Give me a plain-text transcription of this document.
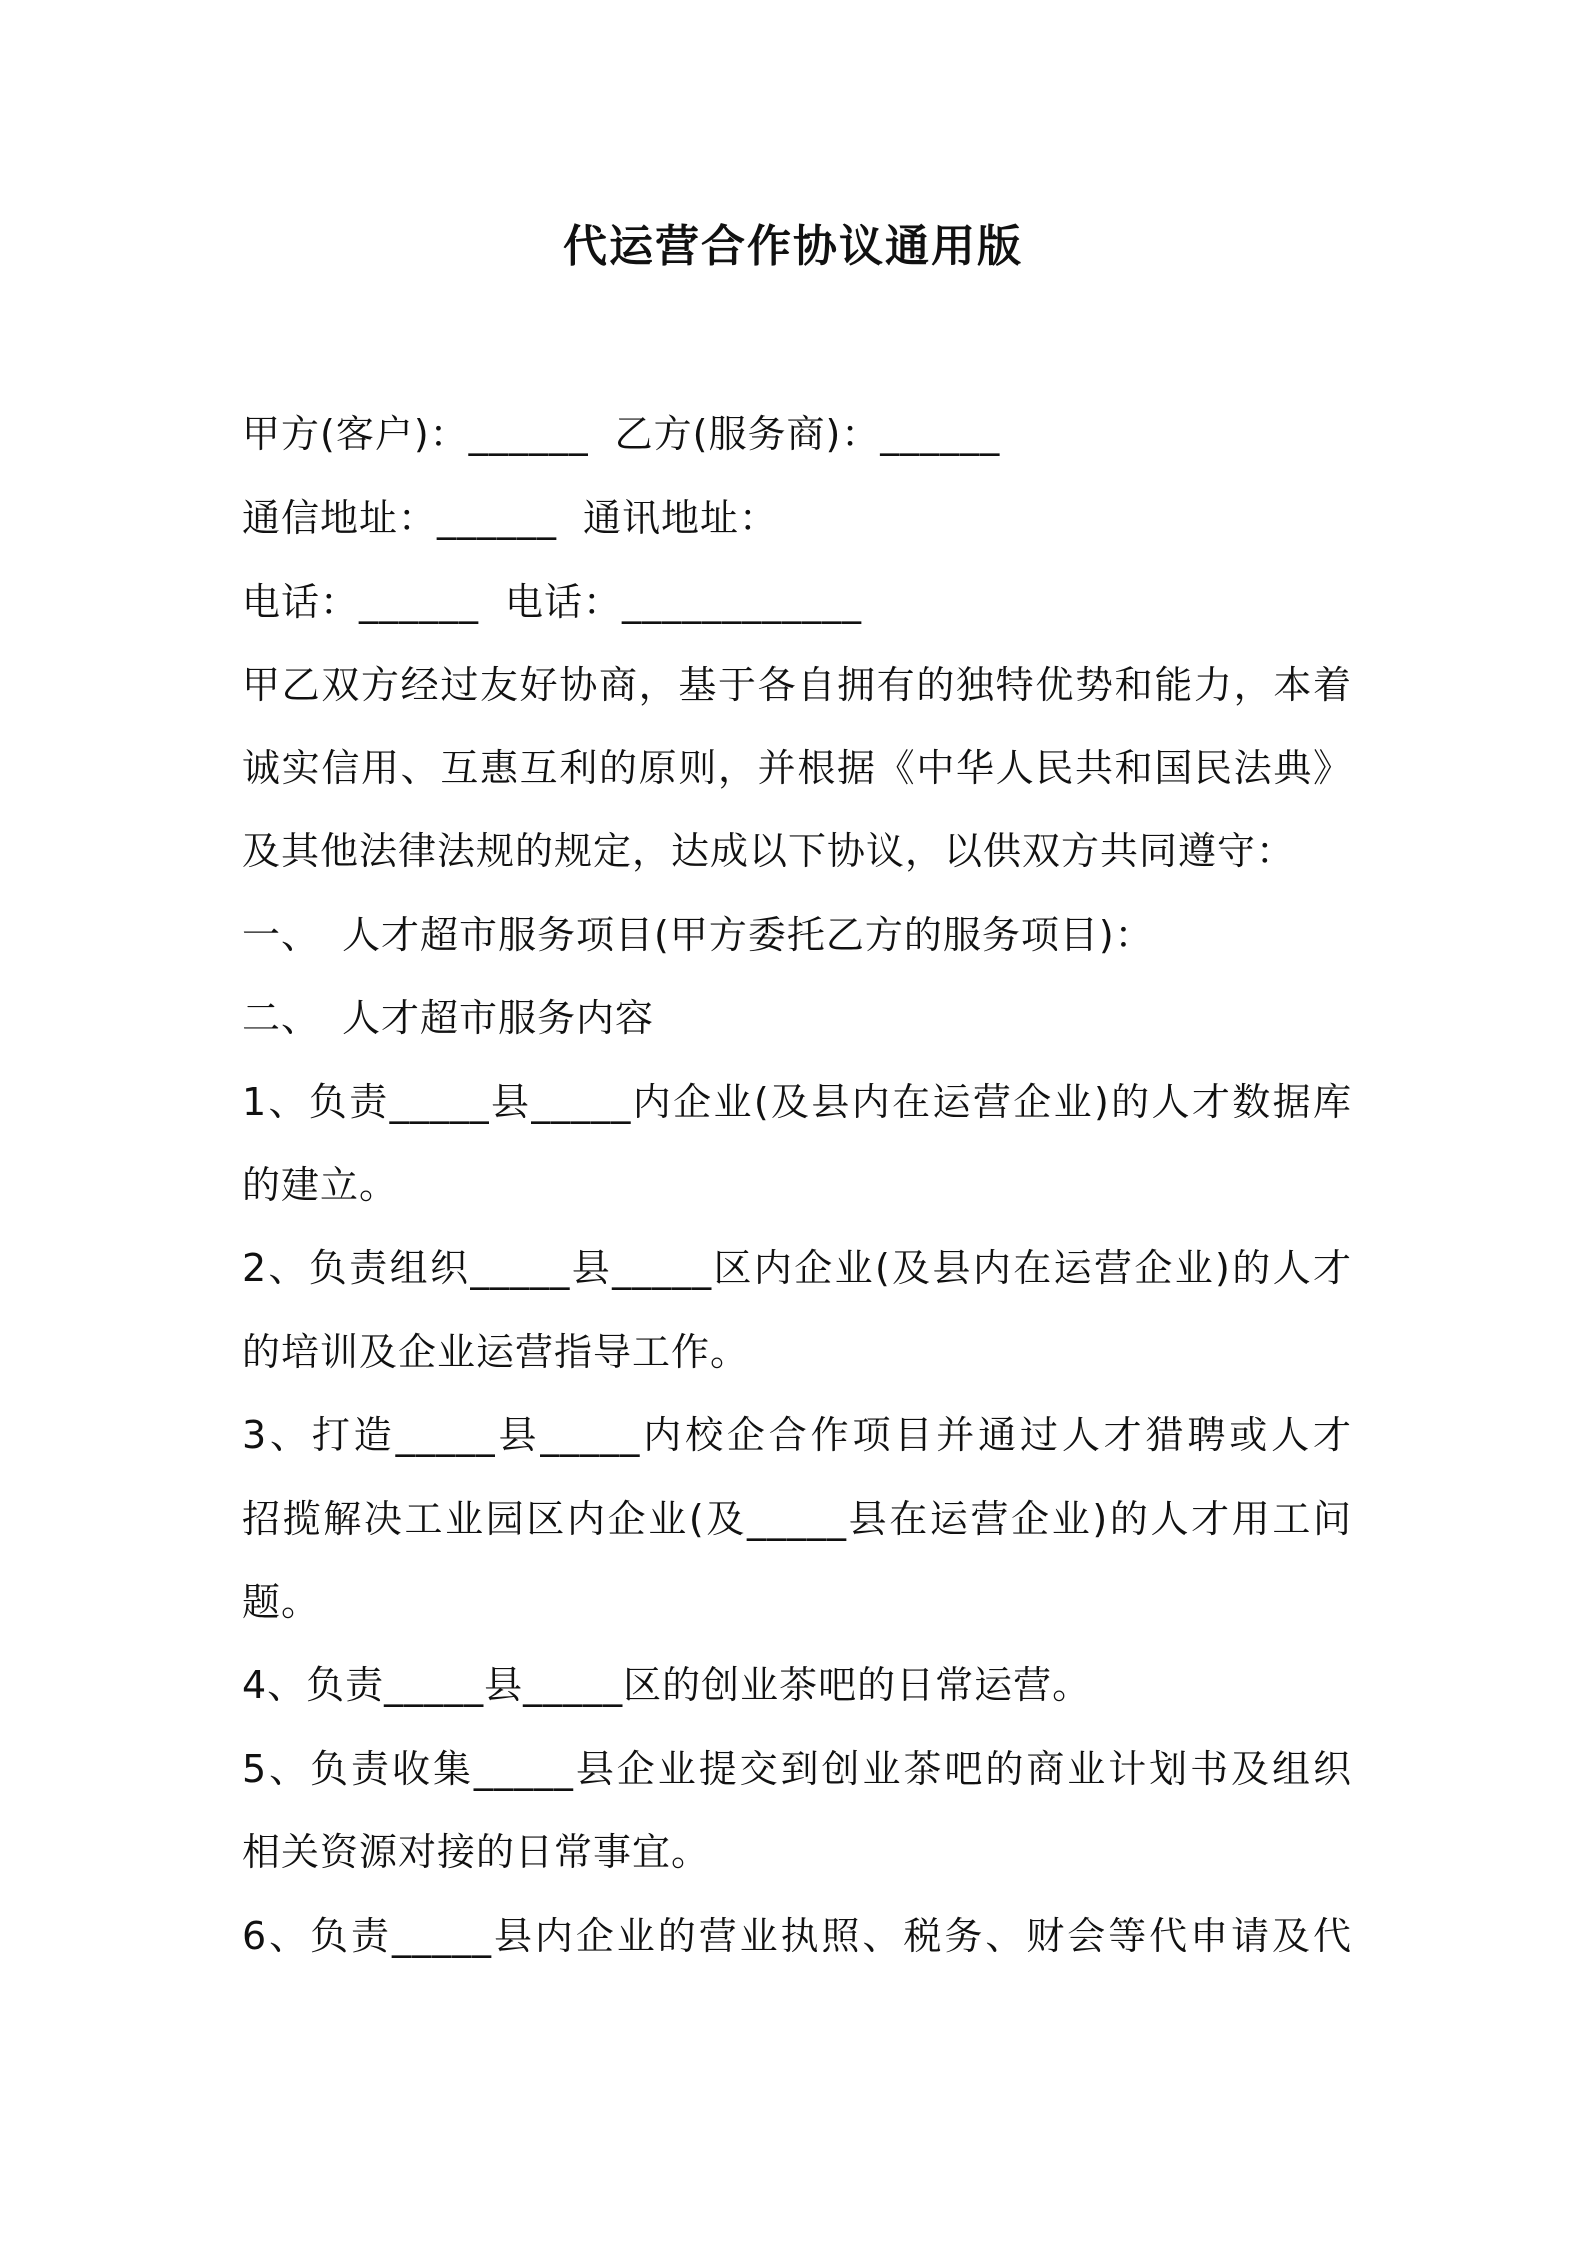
代运营合作协议通用版
甲方(客户)：______ 乙方(服务商)：______
通信地址：______ 通讯地址：
电话：______ 电话：____________
甲乙双方经过友好协商，基于各自拥有的独特优势和能力，本着
诚实信用、互惠互利的原则，并根据《中华人民共和国民法典》
及其他法律法规的规定，达成以下协议，以供双方共同遵守：
一、 人才超市服务项目(甲方委托乙方的服务项目)：
二、 人才超市服务内容
1、负责_____县_____内企业(及县内在运营企业)的人才数据库
的建立。
2、负责组织_____县_____区内企业(及县内在运营企业)的人才
的培训及企业运营指导工作。
3、打造_____县_____内校企合作项目并通过人才猎聘或人才
招揽解决工业园区内企业(及_____县在运营企业)的人才用工问
题。
4、负责_____县_____区的创业茶吧的日常运营。
5、负责收集_____县企业提交到创业茶吧的商业计划书及组织
相关资源对接的日常事宜。
6、负责_____县内企业的营业执照、税务、财会等代申请及代
